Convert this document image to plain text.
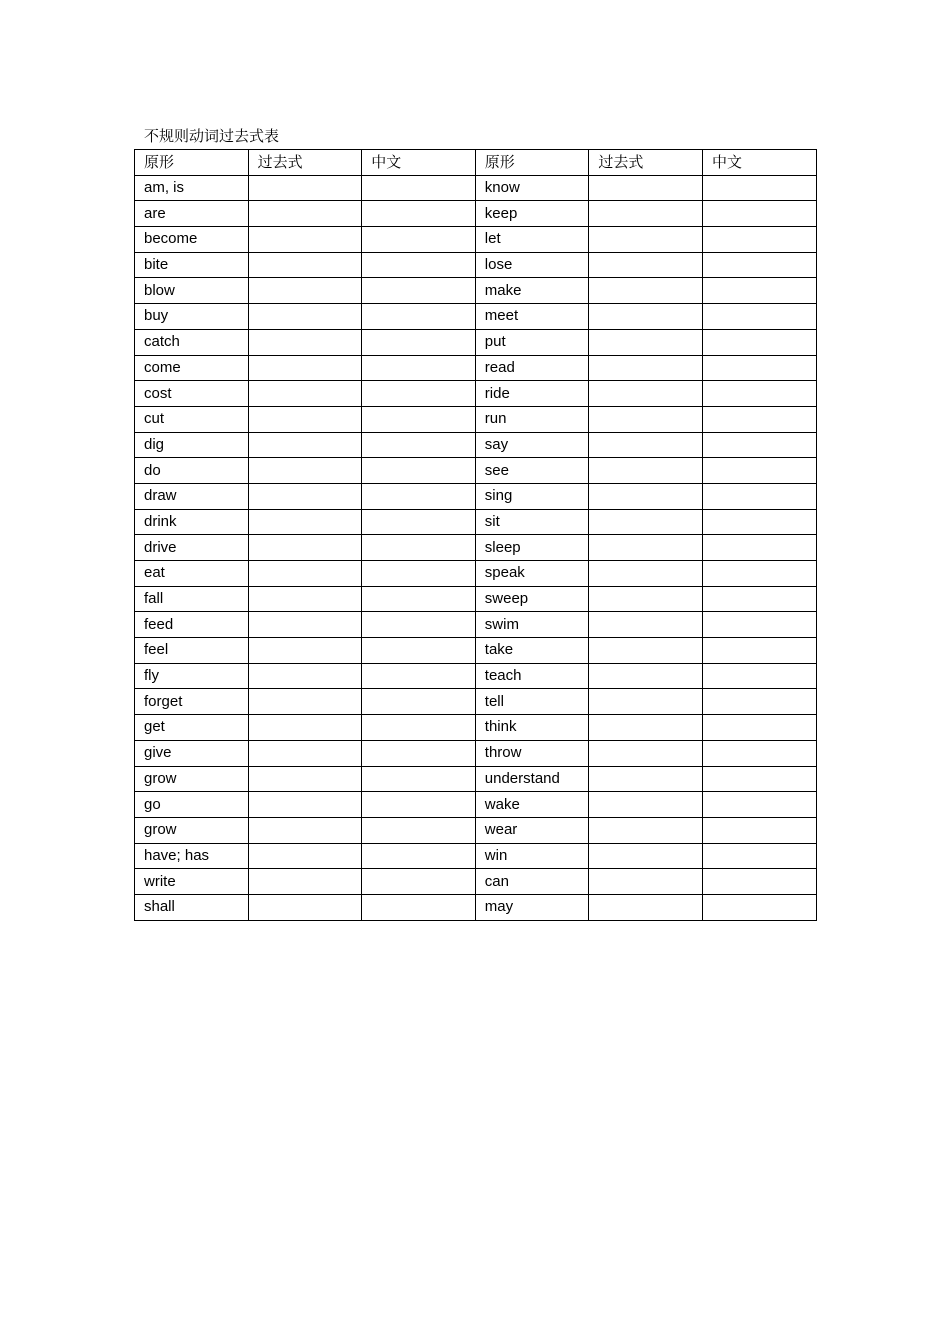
不规则动词过去式表
原形	过去式	中文	原形	过去式	中文
am, is			know		
are			keep		
become			let		
bite			lose		
blow			make		
buy			meet		
catch			put		
come			read		
cost			ride		
cut			run		
dig			say		
do			see		
draw			sing		
drink			sit		
drive			sleep		
eat			speak		
fall			sweep		
feed			swim		
feel			take		
fly			teach		
forget			tell		
get			think		
give			throw		
grow			understand		
go			wake		
grow			wear		
have; has			win		
write			can		
shall			may		
